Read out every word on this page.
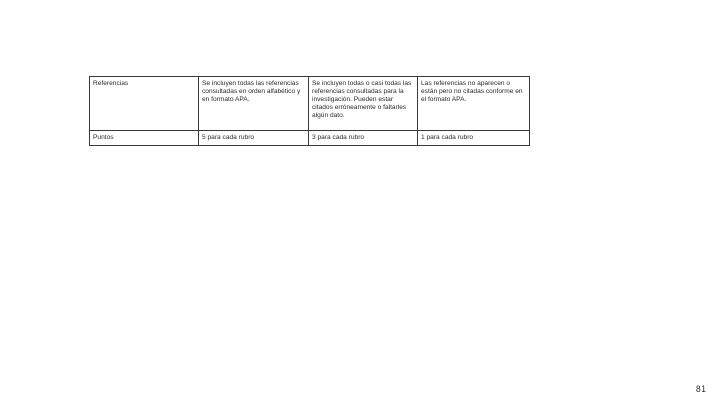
Referencias	Se incluyen todas las referencias consultadas en orden alfabético y en formato APA.	Se incluyen todas o casi todas las referencias consultadas para la investigación. Pueden estar citados erróneamente o faltarles algún dato.	Las referencias no aparecen o están pero no citadas conforme en el formato APA.
Puntos	5 para cada rubro	3 para cada rubro	1 para cada rubro
81
